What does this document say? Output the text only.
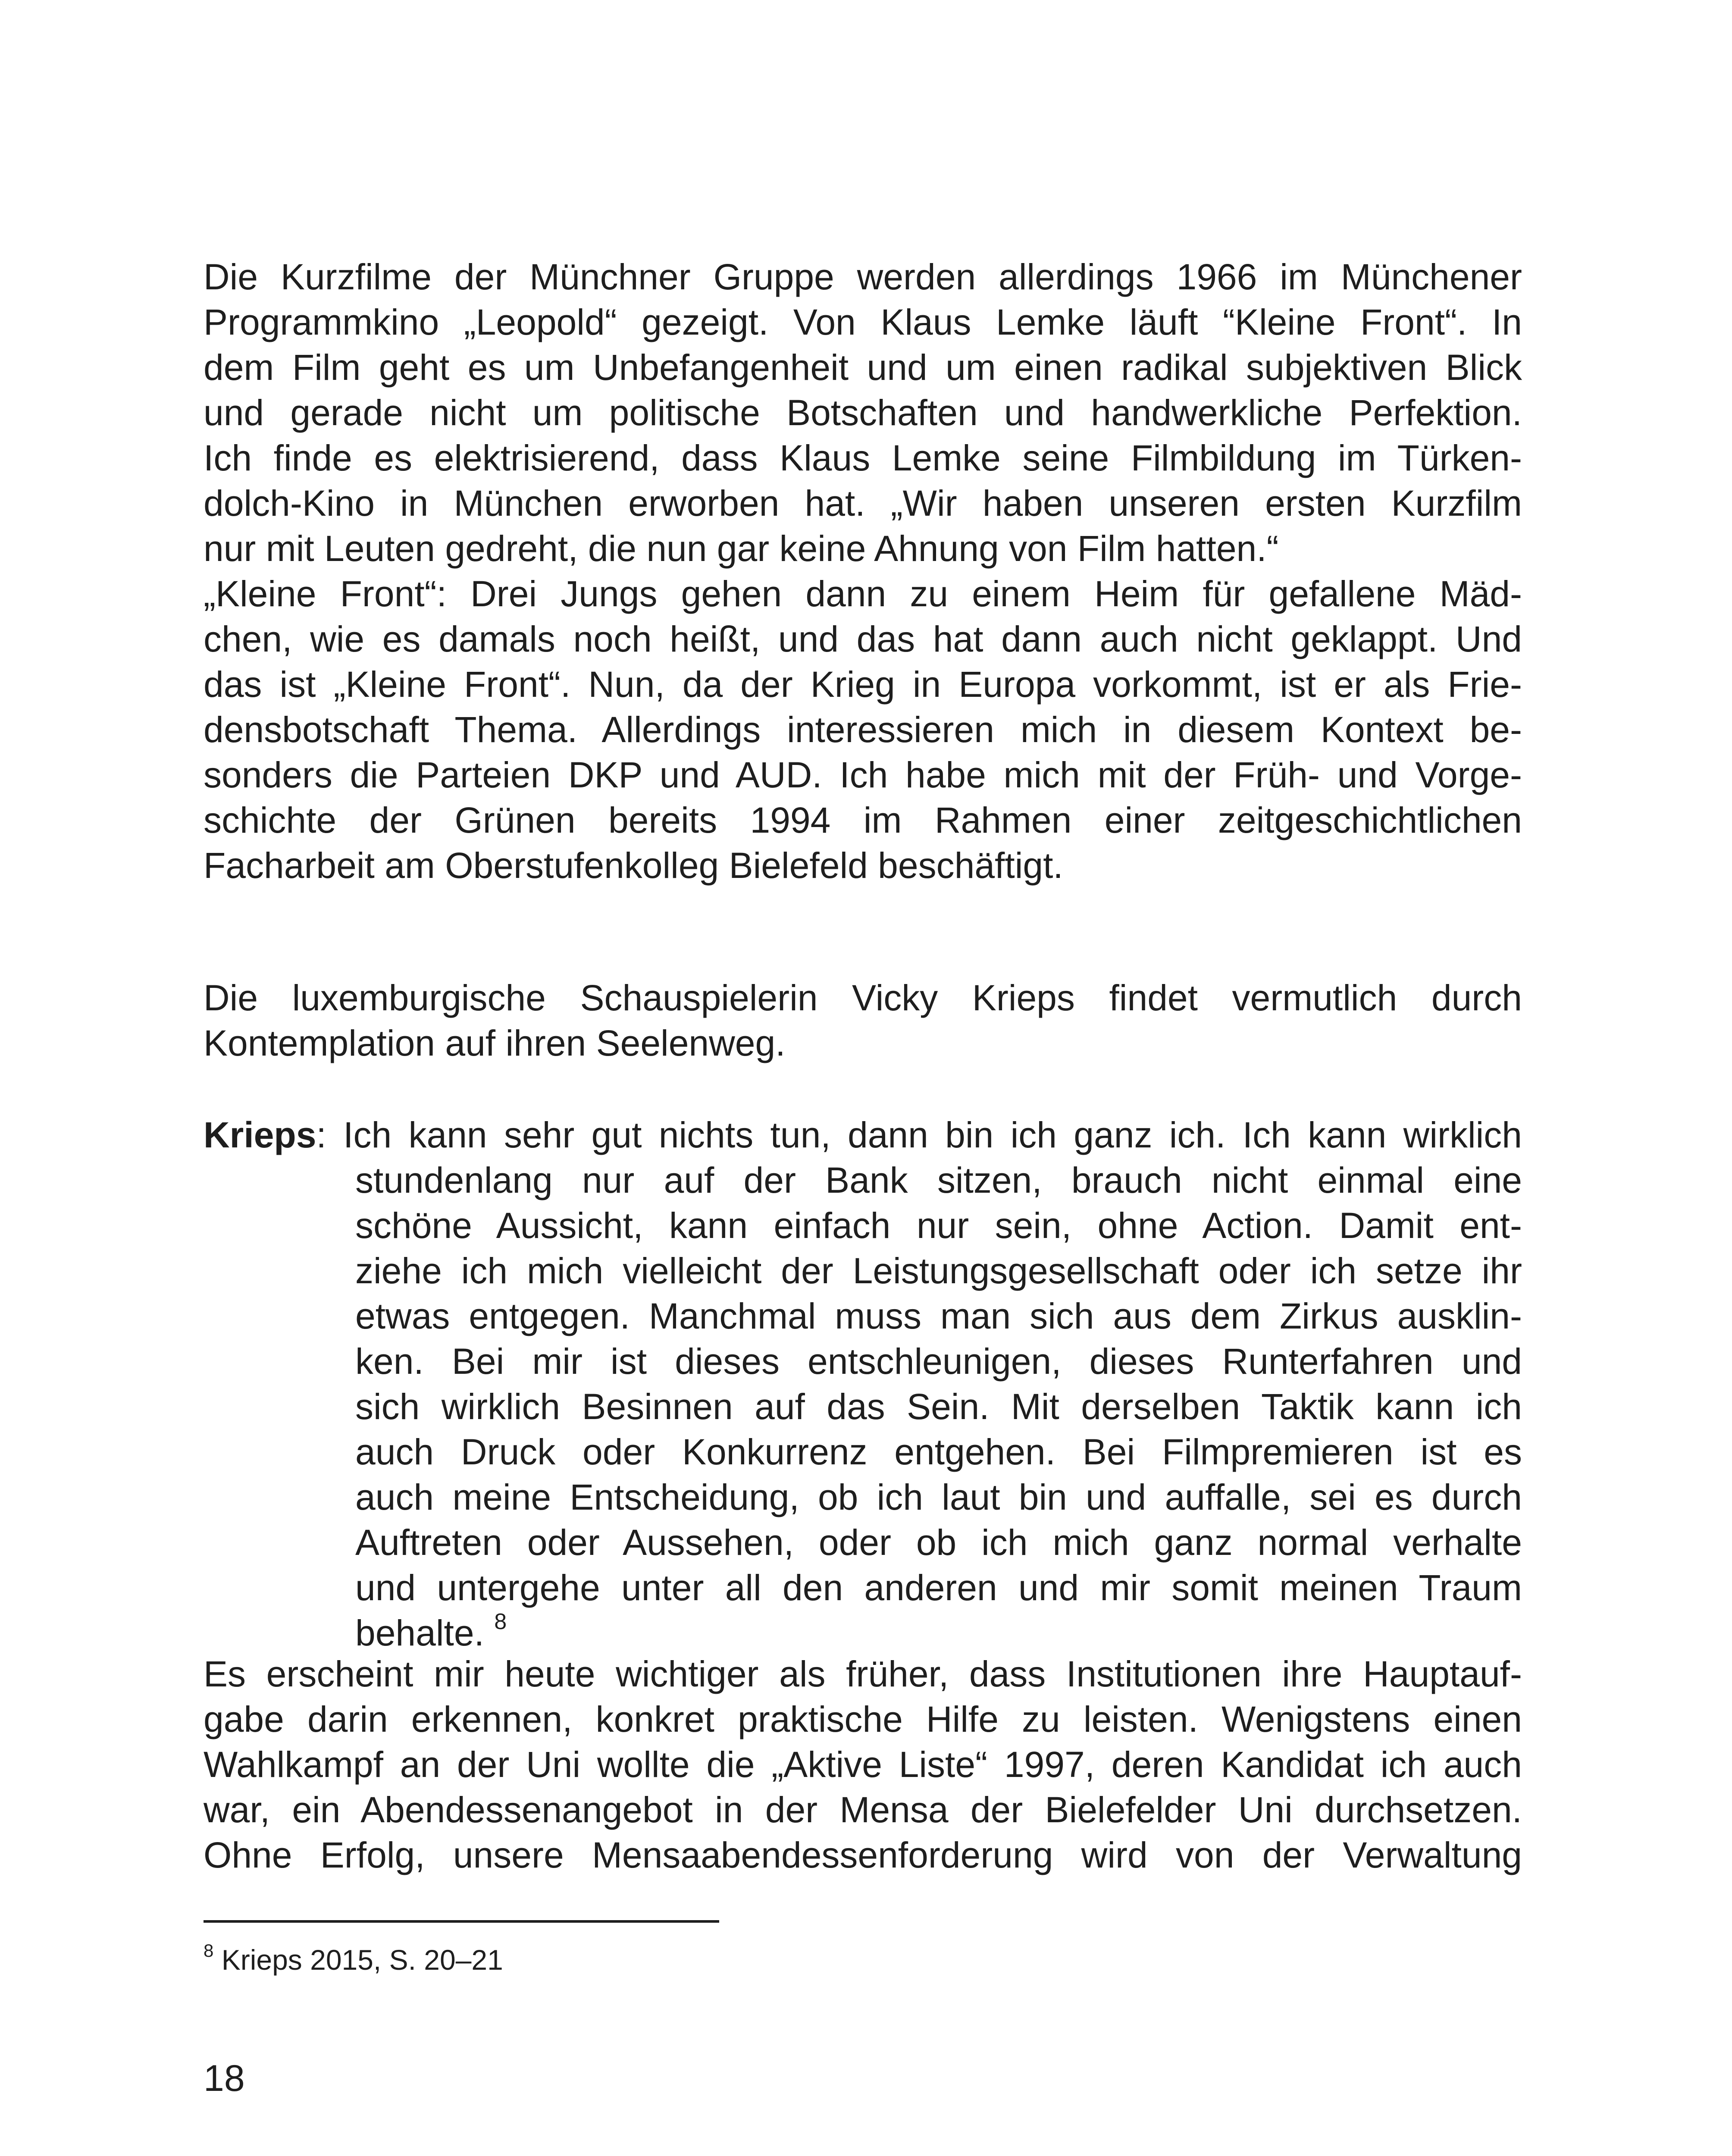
Die Kurzfilme der Münchner Gruppe werden allerdings 1966 im Münchener
Programmkino „Leopold“ gezeigt. Von Klaus Lemke läuft “Kleine Front“. In
dem Film geht es um Unbefangenheit und um einen radikal subjektiven Blick
und gerade nicht um politische Botschaften und handwerkliche Perfektion.
Ich finde es elektrisierend, dass Klaus Lemke seine Filmbildung im Türken-
dolch-Kino in München erworben hat. „Wir haben unseren ersten Kurzfilm
nur mit Leuten gedreht, die nun gar keine Ahnung von Film hatten.“
„Kleine Front“: Drei Jungs gehen dann zu einem Heim für gefallene Mäd-
chen, wie es damals noch heißt, und das hat dann auch nicht geklappt. Und
das ist „Kleine Front“. Nun, da der Krieg in Europa vorkommt, ist er als Frie-
densbotschaft Thema. Allerdings interessieren mich in diesem Kontext be-
sonders die Parteien DKP und AUD. Ich habe mich mit der Früh- und Vorge-
schichte der Grünen bereits 1994 im Rahmen einer zeitgeschichtlichen
Facharbeit am Oberstufenkolleg Bielefeld beschäftigt.
Die luxemburgische Schauspielerin Vicky Krieps findet vermutlich durch
Kontemplation auf ihren Seelenweg.
Krieps: Ich kann sehr gut nichts tun, dann bin ich ganz ich. Ich kann wirklich
stundenlang nur auf der Bank sitzen, brauch nicht einmal eine
schöne Aussicht, kann einfach nur sein, ohne Action. Damit ent-
ziehe ich mich vielleicht der Leistungsgesellschaft oder ich setze ihr
etwas entgegen. Manchmal muss man sich aus dem Zirkus ausklin-
ken. Bei mir ist dieses entschleunigen, dieses Runterfahren und
sich wirklich Besinnen auf das Sein. Mit derselben Taktik kann ich
auch Druck oder Konkurrenz entgehen. Bei Filmpremieren ist es
auch meine Entscheidung, ob ich laut bin und auffalle, sei es durch
Auftreten oder Aussehen, oder ob ich mich ganz normal verhalte
und untergehe unter all den anderen und mir somit meinen Traum
behalte. $^8$
Es erscheint mir heute wichtiger als früher, dass Institutionen ihre Hauptauf-
gabe darin erkennen, konkret praktische Hilfe zu leisten. Wenigstens einen
Wahlkampf an der Uni wollte die „Aktive Liste“ 1997, deren Kandidat ich auch
war, ein Abendessenangebot in der Mensa der Bielefelder Uni durchsetzen.
Ohne Erfolg, unsere Mensaabendessenforderung wird von der Verwaltung
$^8$ Krieps 2015, S. 20–21
18
